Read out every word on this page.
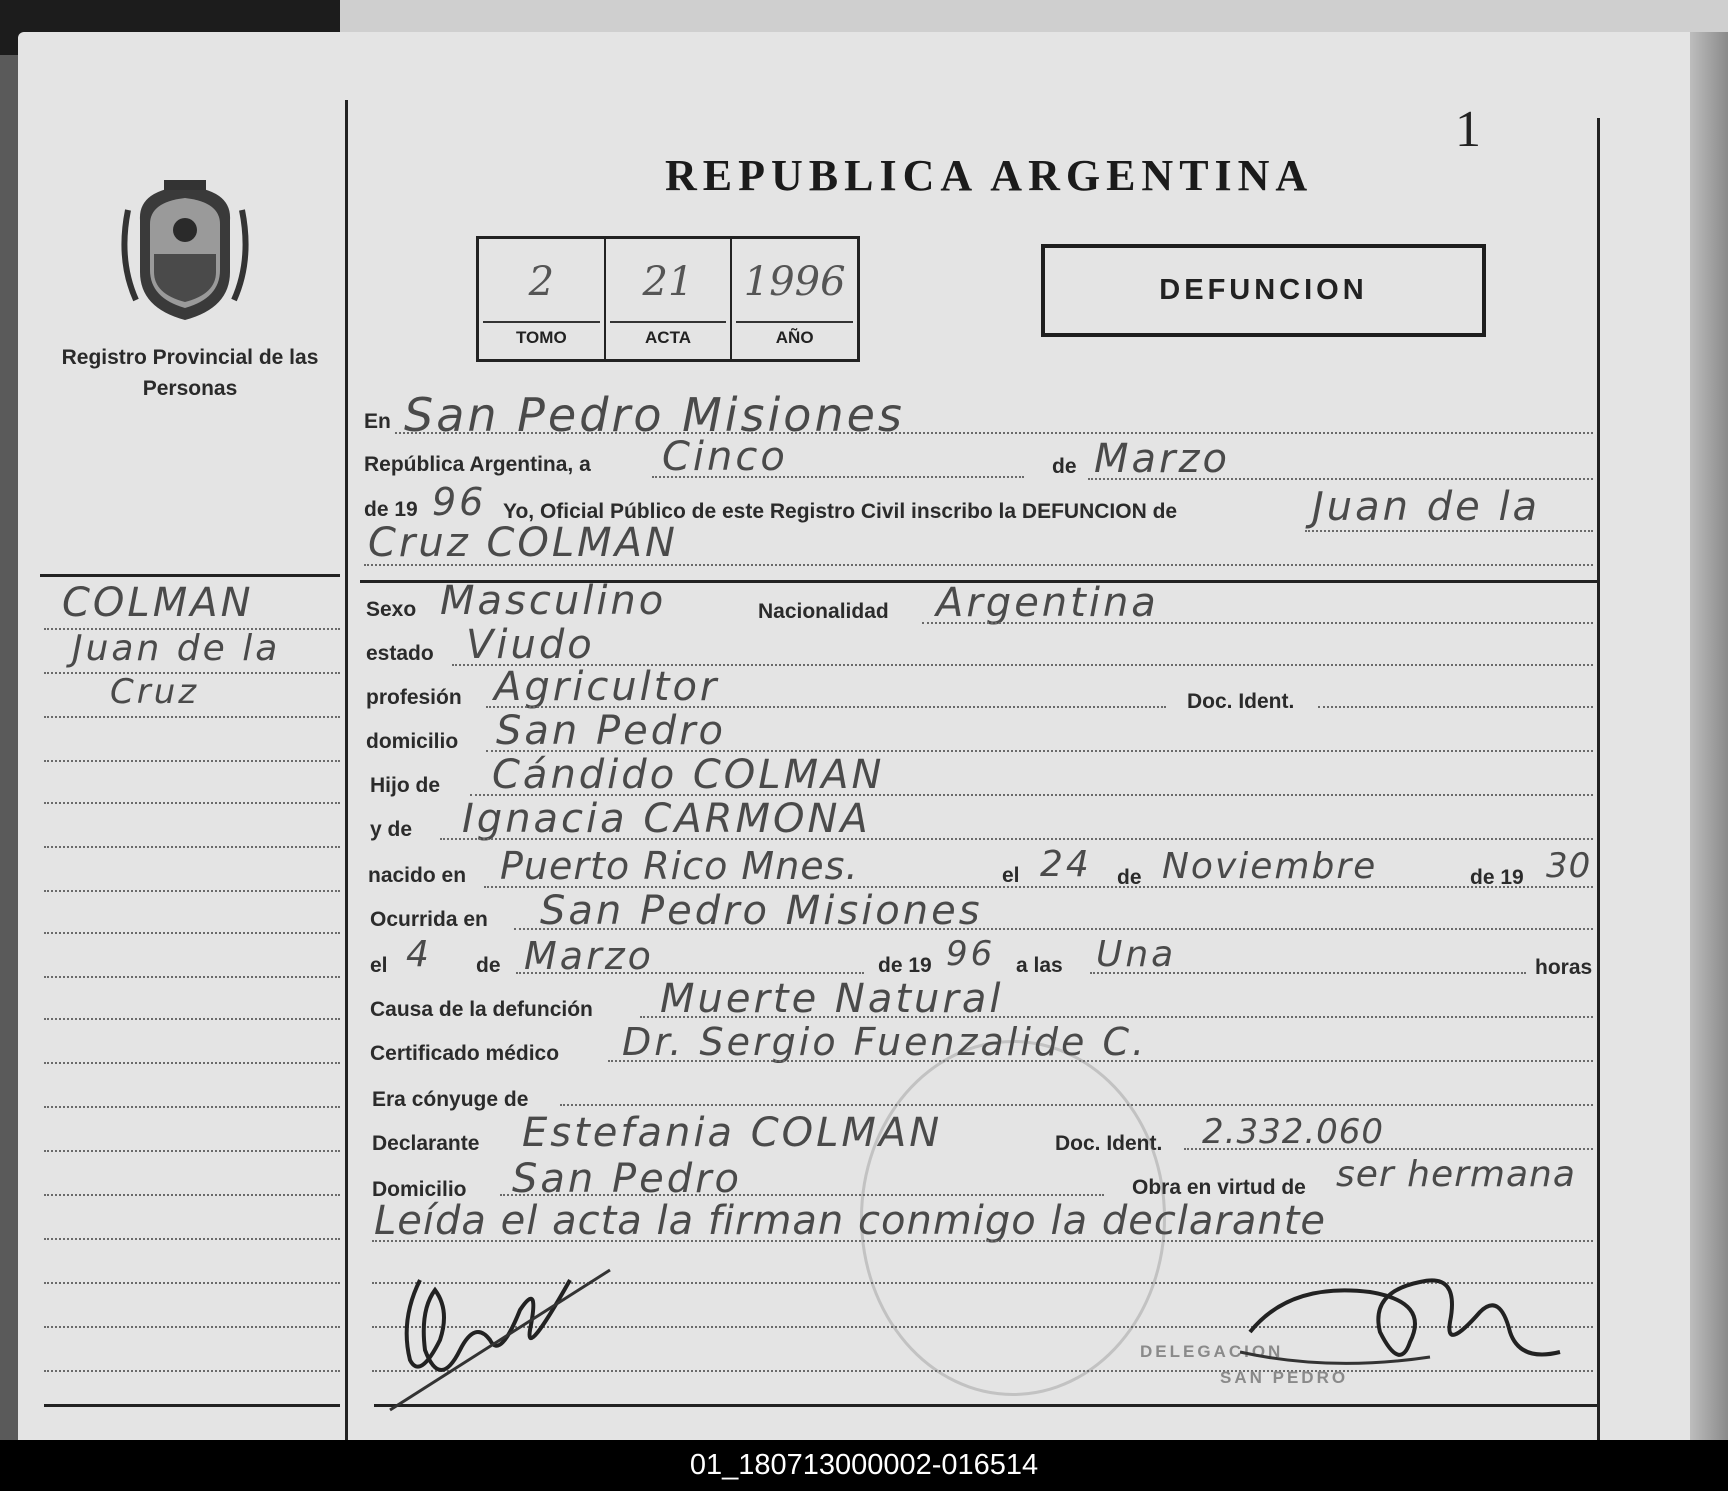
1
Registro Provincial de las Personas
REPUBLICA ARGENTINA
2
TOMO
21
ACTA
1996
AÑO
DEFUNCION
COLMAN
Juan de la
Cruz
En San Pedro Misiones
República Argentina, a Cinco	de Marzo
de 19 96 Yo, Oficial Público de este Registro Civil inscribo la DEFUNCION de	Juan de la
Cruz COLMAN
Sexo Masculino	Nacionalidad Argentina
estado Viudo
profesión Agricultor	Doc. Ident.
domicilio San Pedro
Hijo de Cándido COLMAN
y de Ignacia CARMONA
nacido en Puerto Rico Mnes.	el 24 de Noviembre	de 19 30
Ocurrida en San Pedro Misiones
el 4 de Marzo	de 19 96 a las Una	horas
Causa de la defunción Muerte Natural
Certificado médico Dr. Sergio Fuenzalide C.
Era cónyuge de
Declarante Estefania COLMAN	Doc. Ident. 2.332.060
Domicilio San Pedro	Obra en virtud de ser hermana
Leída el acta la firman conmigo la declarante
DELEGACION
SAN PEDRO
01_180713000002-016514
